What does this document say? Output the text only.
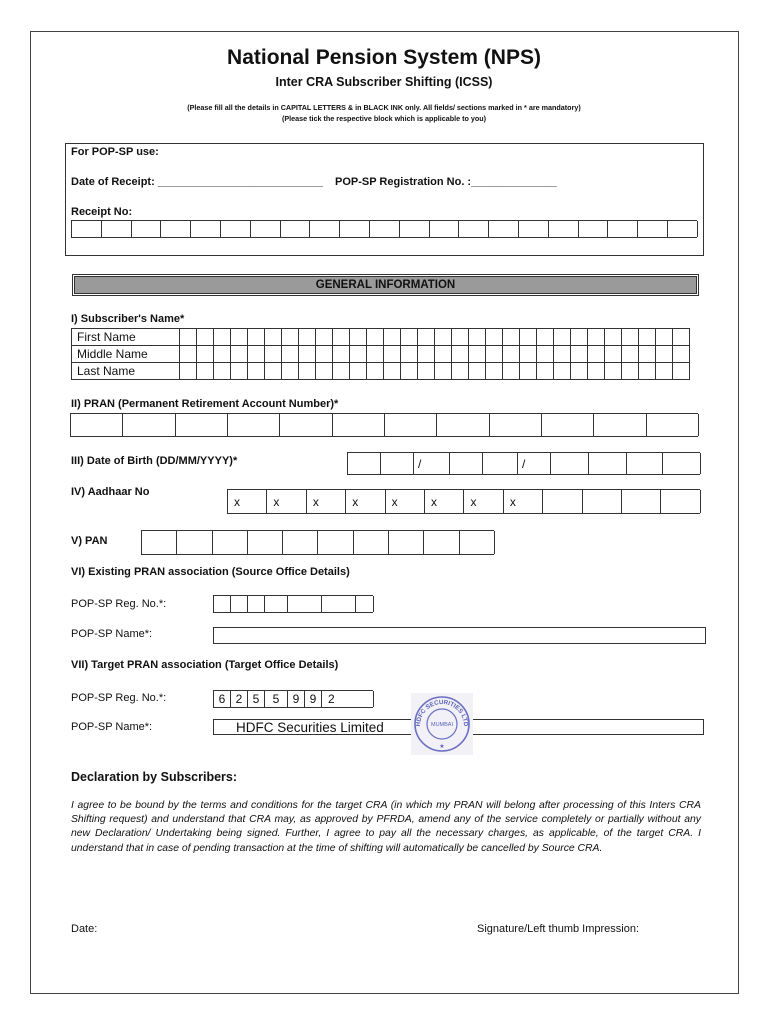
National Pension System (NPS)
Inter CRA Subscriber Shifting (ICSS)
(Please fill all the details in CAPITAL LETTERS & in BLACK INK only. All fields/ sections marked in * are mandatory)
(Please tick the respective block which is applicable to you)
For POP-SP use:
Date of Receipt: ___________________________ POP-SP Registration No. :______________
Receipt No:
GENERAL INFORMATION
I) Subscriber's Name*
First Name																														
Middle Name																														
Last Name																														
II) PRAN (Permanent Retirement Account Number)*
III) Date of Birth (DD/MM/YYYY)*	/	/
IV) Aadhaar No
x	x	x	x	x	x	x	x
V) PAN
VI) Existing PRAN association (Source Office Details)
POP-SP Reg. No.*:
POP-SP Name*:
VII) Target PRAN association (Target Office Details)
POP-SP Reg. No.*:	6 2 5	5	9 9 2
POP-SP Name*:	HDFC Securities Limited	HDFC SECURITIES LTD
MUMBAI
★
Declaration by Subscribers:
I agree to be bound by the terms and conditions for the target CRA (in which my PRAN will belong after processing of this Inters CRA Shifting request) and understand that CRA may, as approved by PFRDA, amend any of the service completely or partially without any new Declaration/ Undertaking being signed. Further, I agree to pay all the necessary charges, as applicable, of the target CRA. I understand that in case of pending transaction at the time of shifting will automatically be cancelled by Source CRA.
Date:	Signature/Left thumb Impression:
